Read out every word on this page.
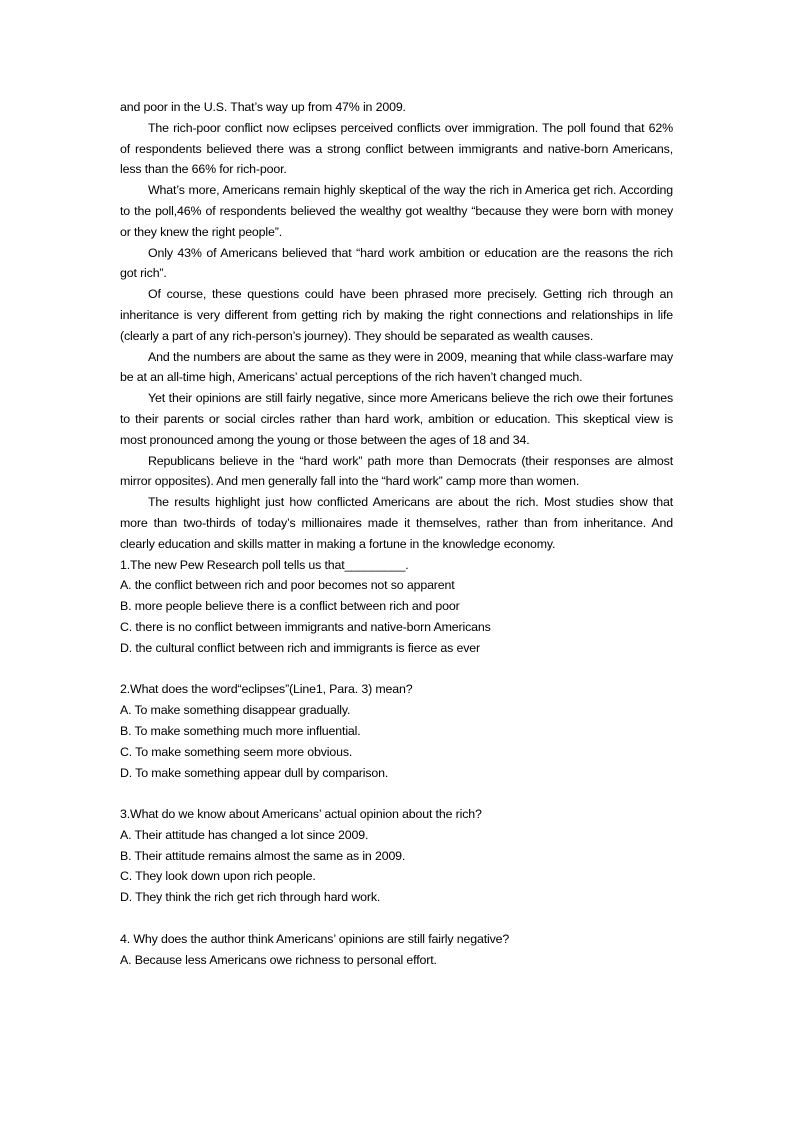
and poor in the U.S. That’s way up from 47% in 2009.

The rich-poor conflict now eclipses perceived conflicts over immigration. The poll found that 62% of respondents believed there was a strong conflict between immigrants and native-born Americans, less than the 66% for rich-poor.

What’s more, Americans remain highly skeptical of the way the rich in America get rich. According to the poll,46% of respondents believed the wealthy got wealthy “because they were born with money or they knew the right people”.

Only 43% of Americans believed that “hard work ambition or education are the reasons the rich got rich”.

Of course, these questions could have been phrased more precisely. Getting rich through an inheritance is very different from getting rich by making the right connections and relationships in life (clearly a part of any rich-person’s journey). They should be separated as wealth causes.

And the numbers are about the same as they were in 2009, meaning that while class-warfare may be at an all-time high, Americans’ actual perceptions of the rich haven’t changed much.

Yet their opinions are still fairly negative, since more Americans believe the rich owe their fortunes to their parents or social circles rather than hard work, ambition or education. This skeptical view is most pronounced among the young or those between the ages of 18 and 34.

Republicans believe in the “hard work” path more than Democrats (their responses are almost mirror opposites). And men generally fall into the “hard work” camp more than women.

The results highlight just how conflicted Americans are about the rich. Most studies show that more than two-thirds of today’s millionaires made it themselves, rather than from inheritance. And clearly education and skills matter in making a fortune in the knowledge economy.

1.The new Pew Research poll tells us that_________.

A. the conflict between rich and poor becomes not so apparent

B. more people believe there is a conflict between rich and poor

C. there is no conflict between immigrants and native-born Americans

D. the cultural conflict between rich and immigrants is fierce as ever

2.What does the word“eclipses”(Line1, Para. 3) mean?

A. To make something disappear gradually.

B. To make something much more influential.

C. To make something seem more obvious.

D. To make something appear dull by comparison.

3.What do we know about Americans’ actual opinion about the rich?

A. Their attitude has changed a lot since 2009.

B. Their attitude remains almost the same as in 2009.

C. They look down upon rich people.

D. They think the rich get rich through hard work.

4. Why does the author think Americans’ opinions are still fairly negative?

A. Because less Americans owe richness to personal effort.
